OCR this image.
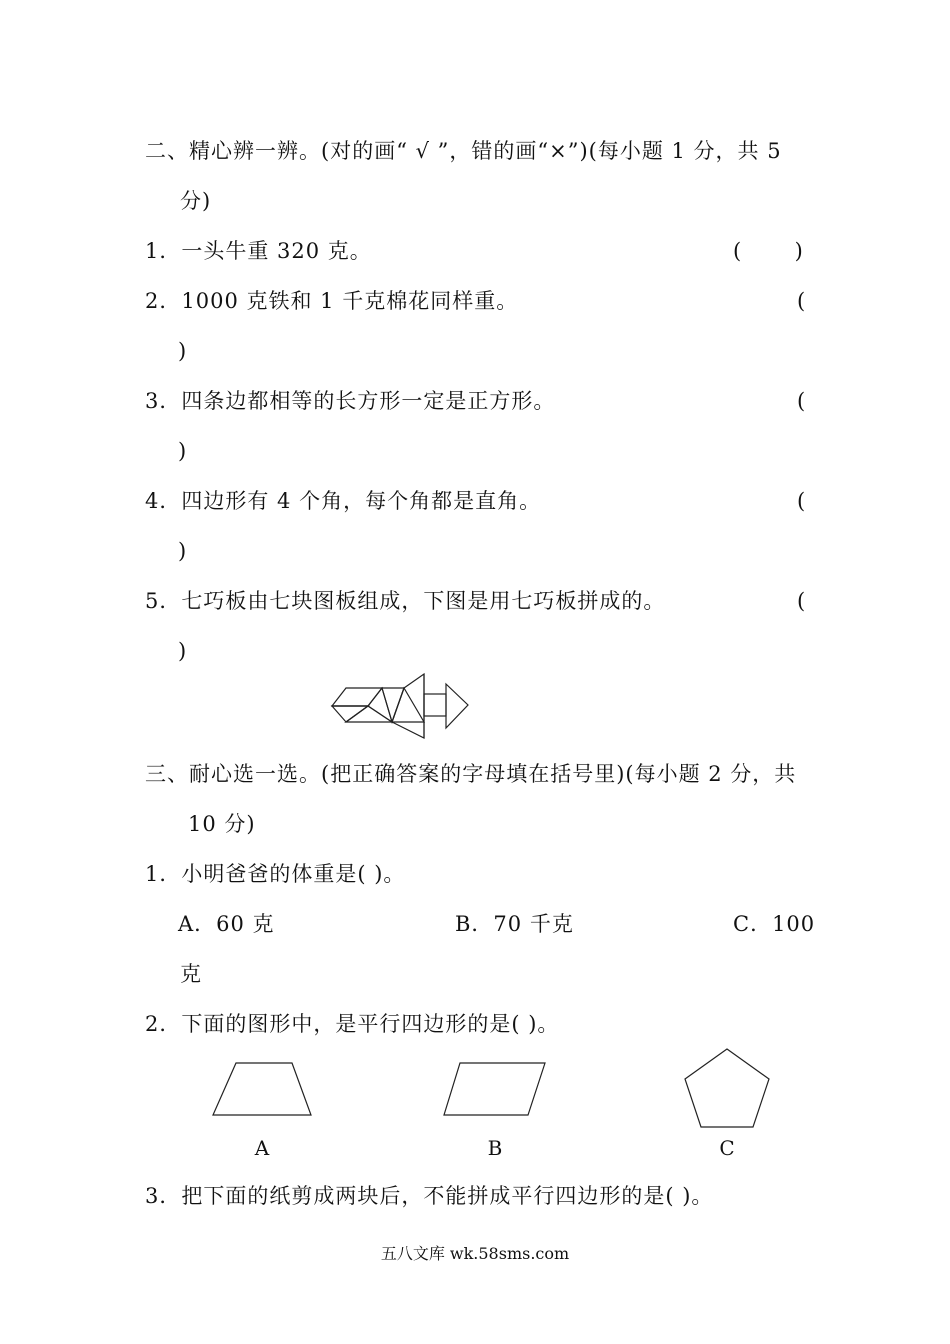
二、精心辨一辨。(对的画“ √ ”，错的画“×”)(每小题 1 分，共 5
分)
1．一头牛重 320 克。	(        )
2．1000 克铁和 1 千克棉花同样重。	(
)
3．四条边都相等的长方形一定是正方形。	(
)
4．四边形有 4 个角，每个角都是直角。	(
)
5．七巧板由七块图板组成，下图是用七巧板拼成的。	(
)
三、耐心选一选。(把正确答案的字母填在括号里)(每小题 2 分，共
10 分)
1．小明爸爸的体重是( )。
A．60 克	B．70 千克	C．100
克
2．下面的图形中，是平行四边形的是( )。
A	B	C
3．把下面的纸剪成两块后，不能拼成平行四边形的是( )。
五八文库 wk.58sms.com
